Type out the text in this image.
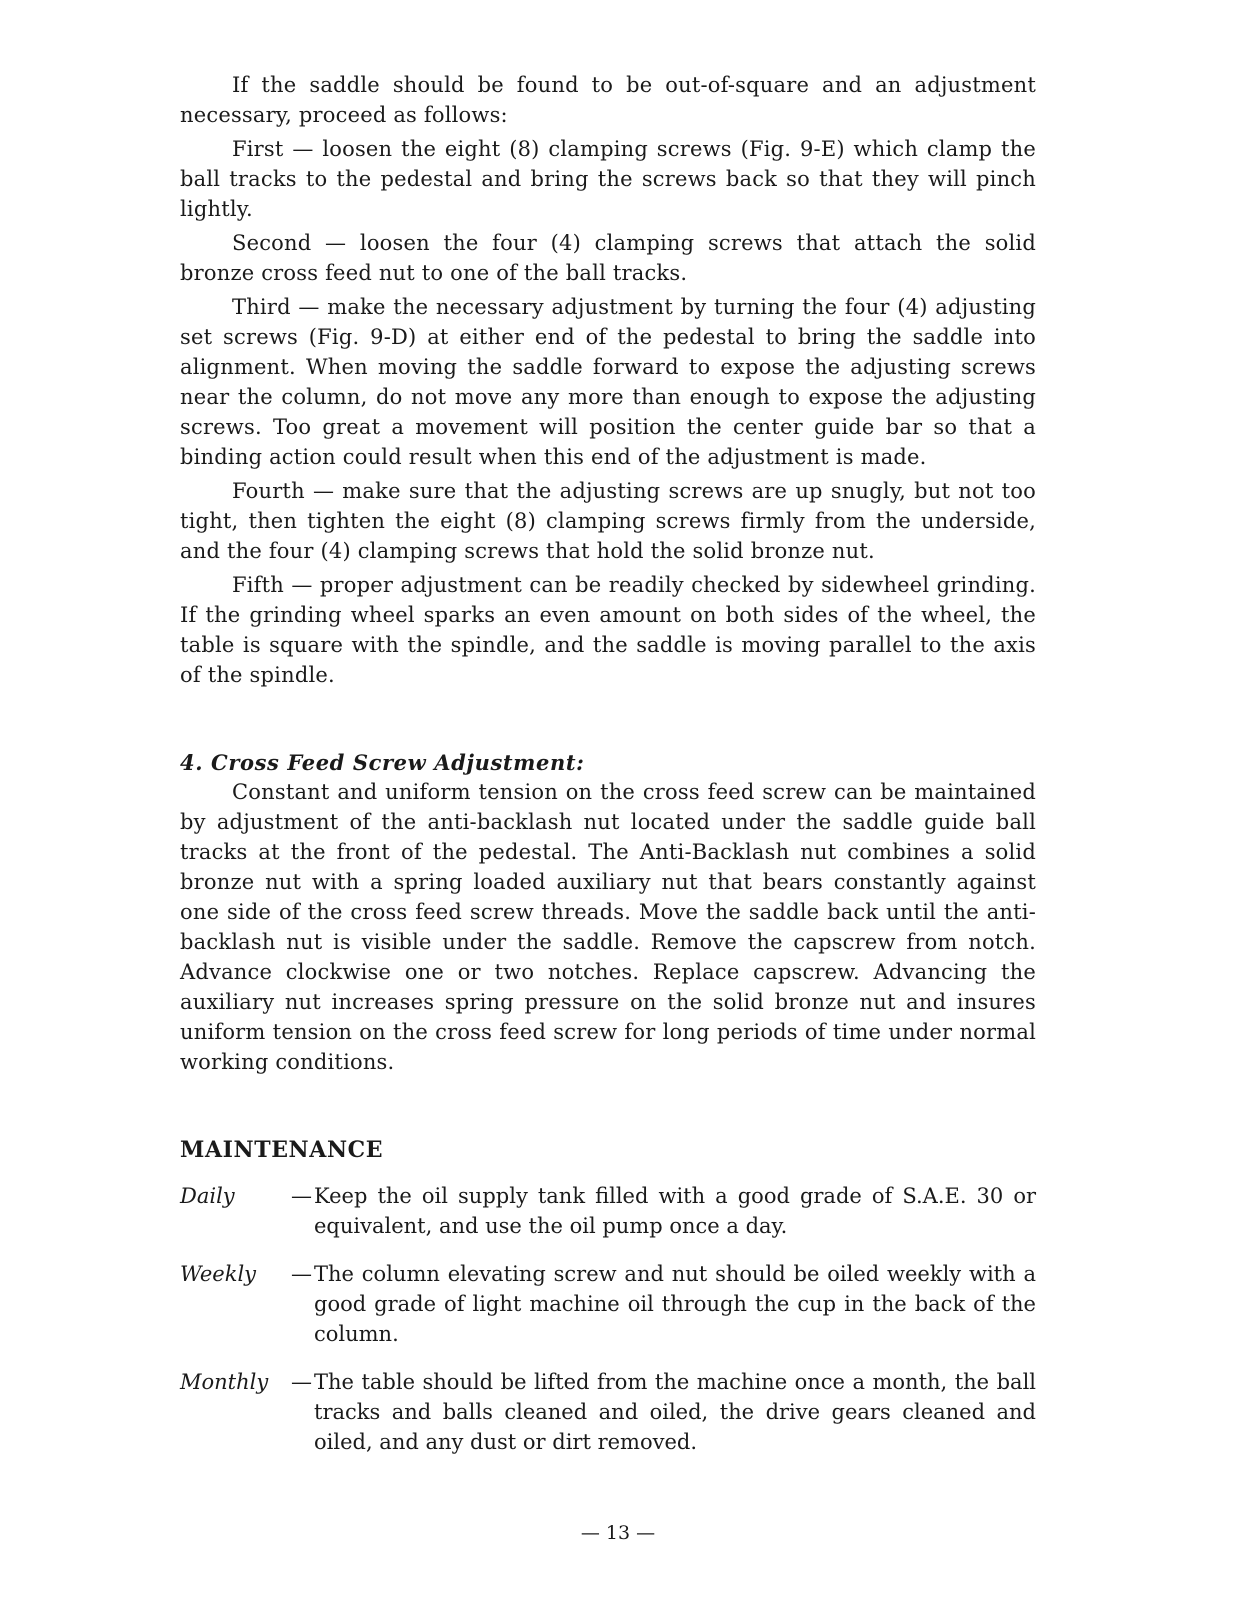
If the saddle should be found to be out-of-square and an adjustment necessary, proceed as follows:

First — loosen the eight (8) clamping screws (Fig. 9-E) which clamp the ball tracks to the pedestal and bring the screws back so that they will pinch lightly.

Second — loosen the four (4) clamping screws that attach the solid bronze cross feed nut to one of the ball tracks.

Third — make the necessary adjustment by turning the four (4) adjusting set screws (Fig. 9-D) at either end of the pedestal to bring the saddle into alignment. When moving the saddle forward to expose the adjusting screws near the column, do not move any more than enough to expose the adjusting screws. Too great a movement will position the center guide bar so that a binding action could result when this end of the adjustment is made.

Fourth — make sure that the adjusting screws are up snugly, but not too tight, then tighten the eight (8) clamping screws firmly from the underside, and the four (4) clamping screws that hold the solid bronze nut.

Fifth — proper adjustment can be readily checked by sidewheel grinding. If the grinding wheel sparks an even amount on both sides of the wheel, the table is square with the spindle, and the saddle is moving parallel to the axis of the spindle.

4. Cross Feed Screw Adjustment:

Constant and uniform tension on the cross feed screw can be maintained by adjustment of the anti-backlash nut located under the saddle guide ball tracks at the front of the pedestal. The Anti-Backlash nut combines a solid bronze nut with a spring loaded auxiliary nut that bears constantly against one side of the cross feed screw threads. Move the saddle back until the anti-backlash nut is visible under the saddle. Remove the capscrew from notch. Advance clockwise one or two notches. Replace capscrew. Advancing the auxiliary nut increases spring pressure on the solid bronze nut and insures uniform tension on the cross feed screw for long periods of time under normal working conditions.

MAINTENANCE
Daily	— Keep the oil supply tank filled with a good grade of S.A.E. 30 or equivalent, and use the oil pump once a day.
Weekly — The column elevating screw and nut should be oiled weekly with a good grade of light machine oil through the cup in the back of the column.
Monthly — The table should be lifted from the machine once a month, the ball tracks and balls cleaned and oiled, the drive gears cleaned and oiled, and any dust or dirt removed.
— 13 —
